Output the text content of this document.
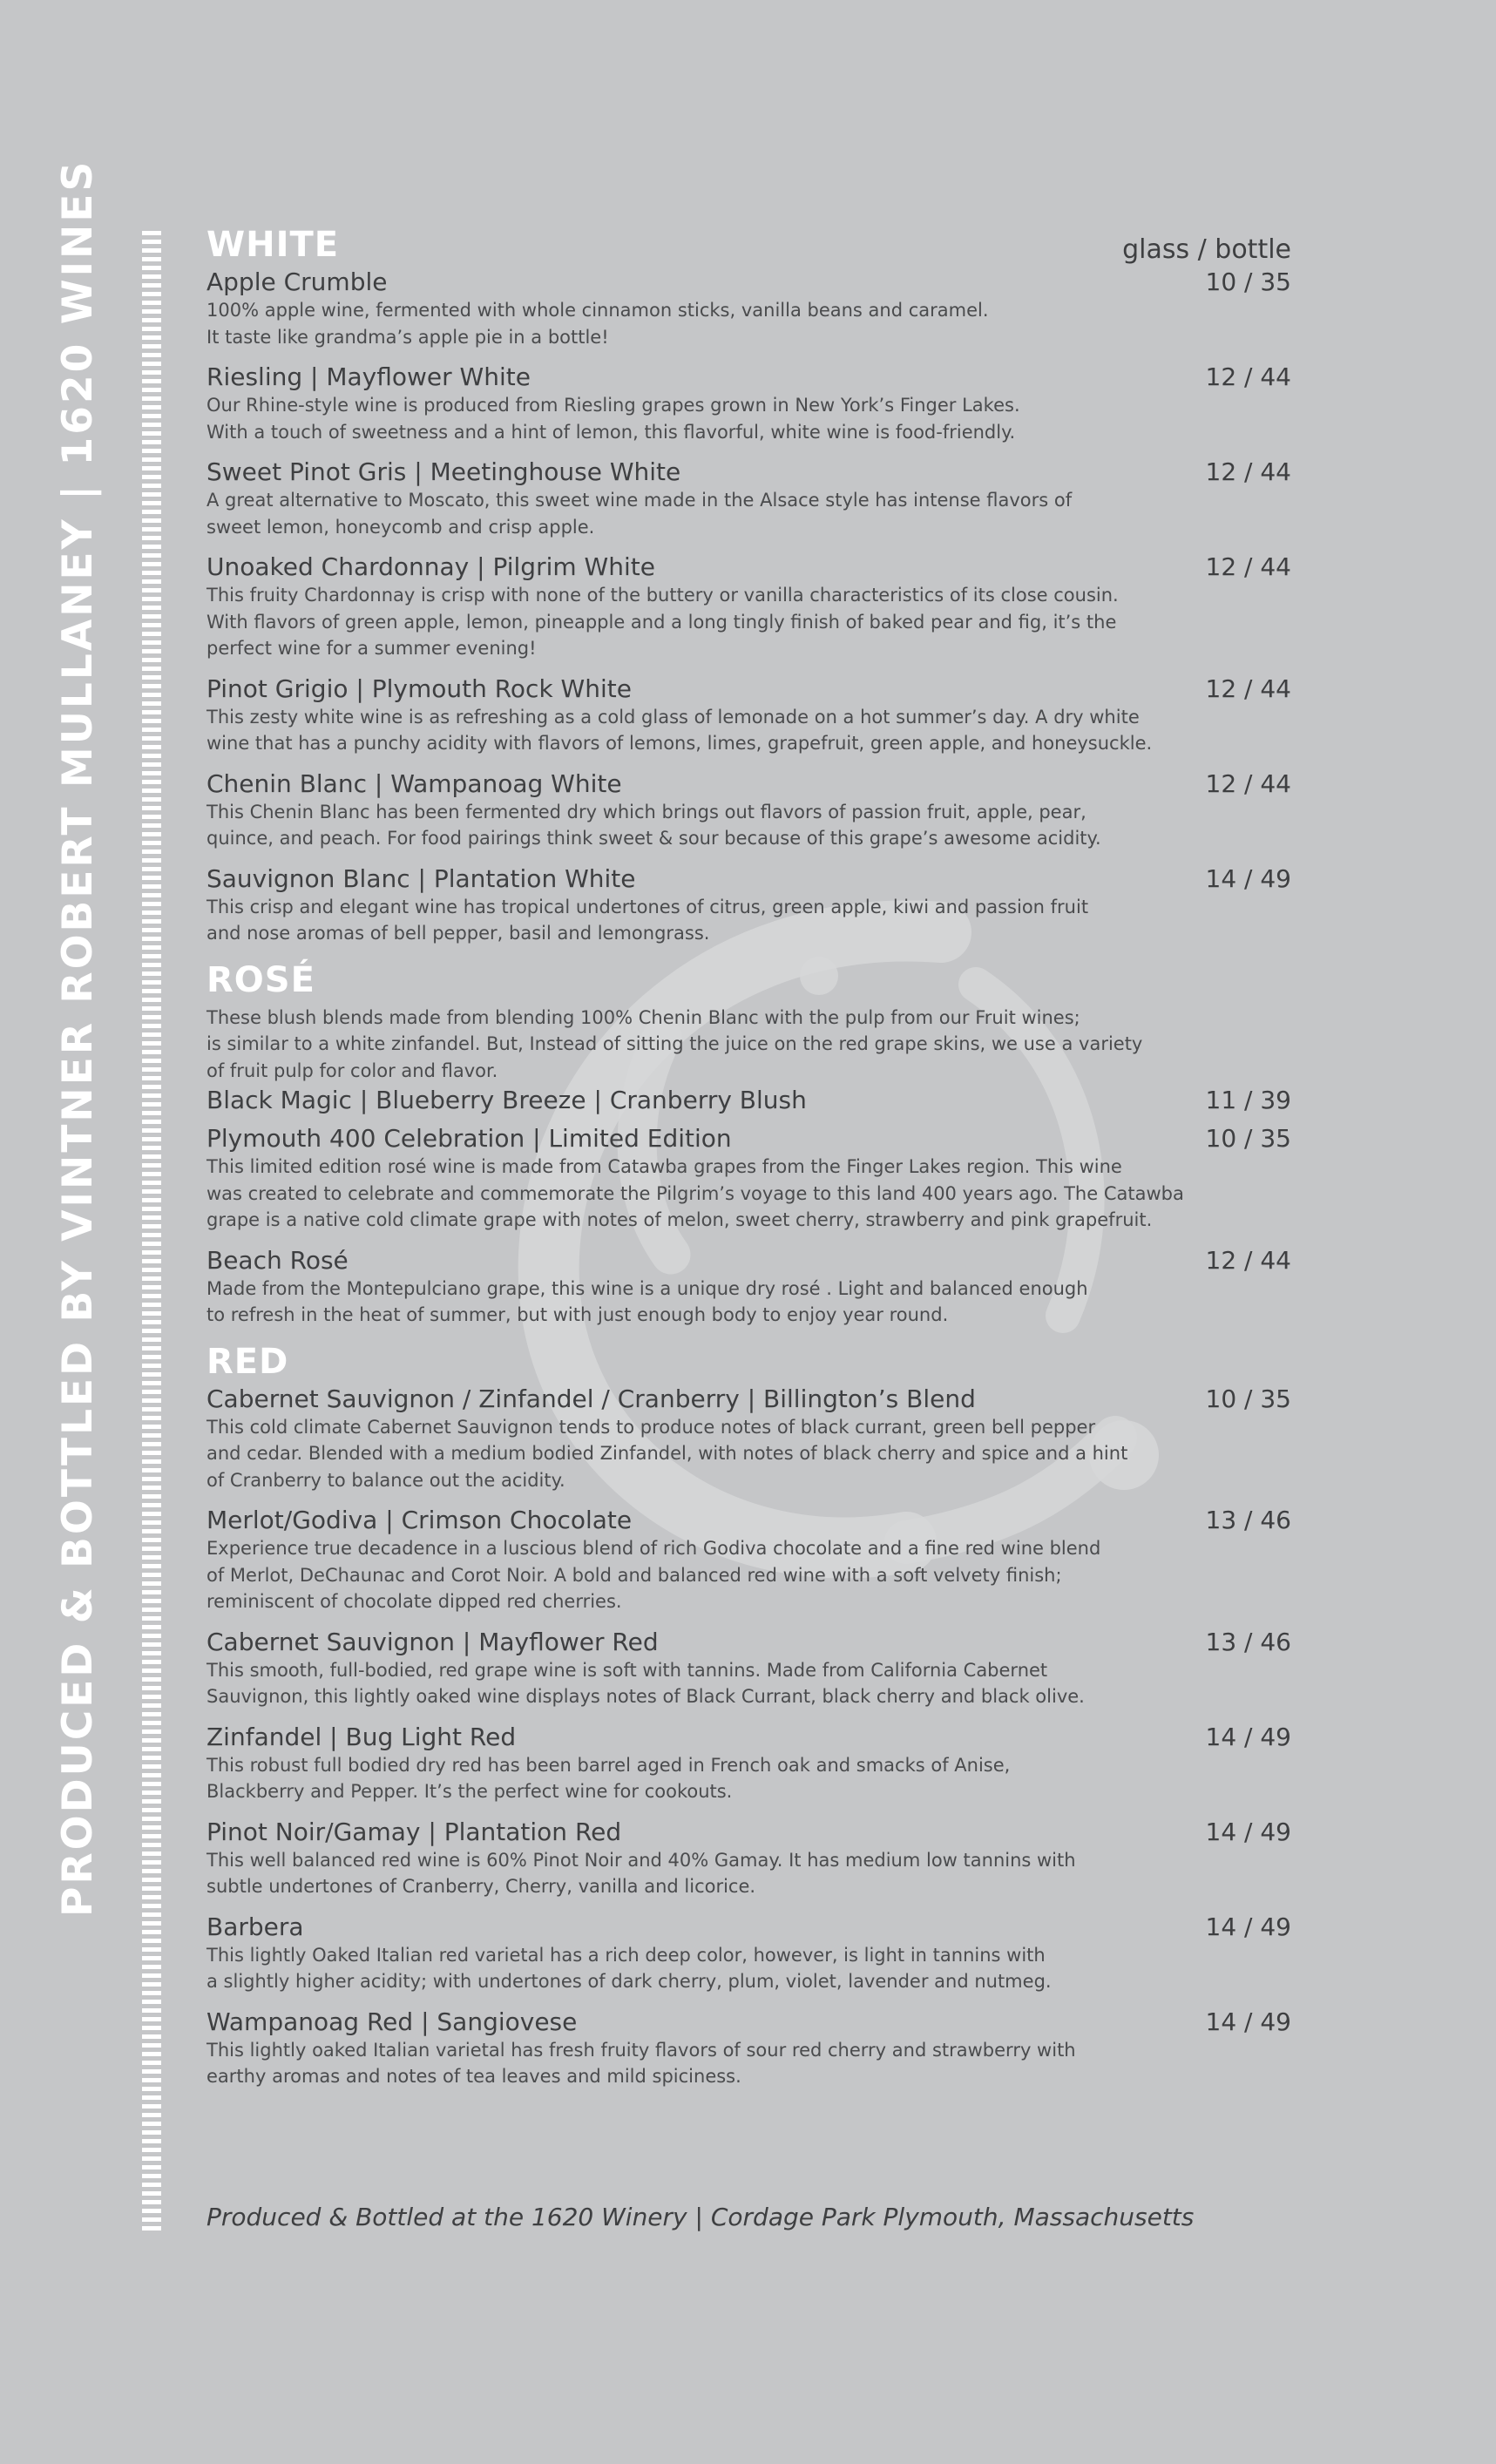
PRODUCED & BOTTLED BY VINTNER ROBERT MULLANEY | 1620 WINES	WHITE	glass / bottle
Apple Crumble	10 / 35
100% apple wine, fermented with whole cinnamon sticks, vanilla beans and caramel.
It taste like grandma’s apple pie in a bottle!
Riesling | Mayflower White	12 / 44
Our Rhine-style wine is produced from Riesling grapes grown in New York’s Finger Lakes.
With a touch of sweetness and a hint of lemon, this flavorful, white wine is food-friendly.
Sweet Pinot Gris | Meetinghouse White	12 / 44
A great alternative to Moscato, this sweet wine made in the Alsace style has intense flavors of
sweet lemon, honeycomb and crisp apple.
Unoaked Chardonnay | Pilgrim White	12 / 44
This fruity Chardonnay is crisp with none of the buttery or vanilla characteristics of its close cousin.
With flavors of green apple, lemon, pineapple and a long tingly finish of baked pear and fig, it’s the
perfect wine for a summer evening!
Pinot Grigio | Plymouth Rock White	12 / 44
This zesty white wine is as refreshing as a cold glass of lemonade on a hot summer’s day. A dry white
wine that has a punchy acidity with flavors of lemons, limes, grapefruit, green apple, and honeysuckle.
Chenin Blanc | Wampanoag White	12 / 44
This Chenin Blanc has been fermented dry which brings out flavors of passion fruit, apple, pear,
quince, and peach. For food pairings think sweet & sour because of this grape’s awesome acidity.
Sauvignon Blanc | Plantation White	14 / 49
This crisp and elegant wine has tropical undertones of citrus, green apple, kiwi and passion fruit
and nose aromas of bell pepper, basil and lemongrass.
ROSÉ
These blush blends made from blending 100% Chenin Blanc with the pulp from our Fruit wines;
is similar to a white zinfandel. But, Instead of sitting the juice on the red grape skins, we use a variety
of fruit pulp for color and flavor.
Black Magic | Blueberry Breeze | Cranberry Blush	11 / 39
Plymouth 400 Celebration | Limited Edition	10 / 35
This limited edition rosé wine is made from Catawba grapes from the Finger Lakes region. This wine
was created to celebrate and commemorate the Pilgrim’s voyage to this land 400 years ago. The Catawba
grape is a native cold climate grape with notes of melon, sweet cherry, strawberry and pink grapefruit.
Beach Rosé	12 / 44
Made from the Montepulciano grape, this wine is a unique dry rosé . Light and balanced enough
to refresh in the heat of summer, but with just enough body to enjoy year round.
RED
Cabernet Sauvignon / Zinfandel / Cranberry | Billington’s Blend	10 / 35
This cold climate Cabernet Sauvignon tends to produce notes of black currant, green bell pepper
and cedar. Blended with a medium bodied Zinfandel, with notes of black cherry and spice and a hint
of Cranberry to balance out the acidity.
Merlot/Godiva | Crimson Chocolate	13 / 46
Experience true decadence in a luscious blend of rich Godiva chocolate and a fine red wine blend
of Merlot, DeChaunac and Corot Noir. A bold and balanced red wine with a soft velvety finish;
reminiscent of chocolate dipped red cherries.
Cabernet Sauvignon | Mayflower Red	13 / 46
This smooth, full-bodied, red grape wine is soft with tannins. Made from California Cabernet
Sauvignon, this lightly oaked wine displays notes of Black Currant, black cherry and black olive.
Zinfandel | Bug Light Red	14 / 49
This robust full bodied dry red has been barrel aged in French oak and smacks of Anise,
Blackberry and Pepper. It’s the perfect wine for cookouts.
Pinot Noir/Gamay | Plantation Red	14 / 49
This well balanced red wine is 60% Pinot Noir and 40% Gamay. It has medium low tannins with
subtle undertones of Cranberry, Cherry, vanilla and licorice.
Barbera	14 / 49
This lightly Oaked Italian red varietal has a rich deep color, however, is light in tannins with
a slightly higher acidity; with undertones of dark cherry, plum, violet, lavender and nutmeg.
Wampanoag Red | Sangiovese	14 / 49
This lightly oaked Italian varietal has fresh fruity flavors of sour red cherry and strawberry with
earthy aromas and notes of tea leaves and mild spiciness.
Produced & Bottled at the 1620 Winery | Cordage Park Plymouth, Massachusetts
